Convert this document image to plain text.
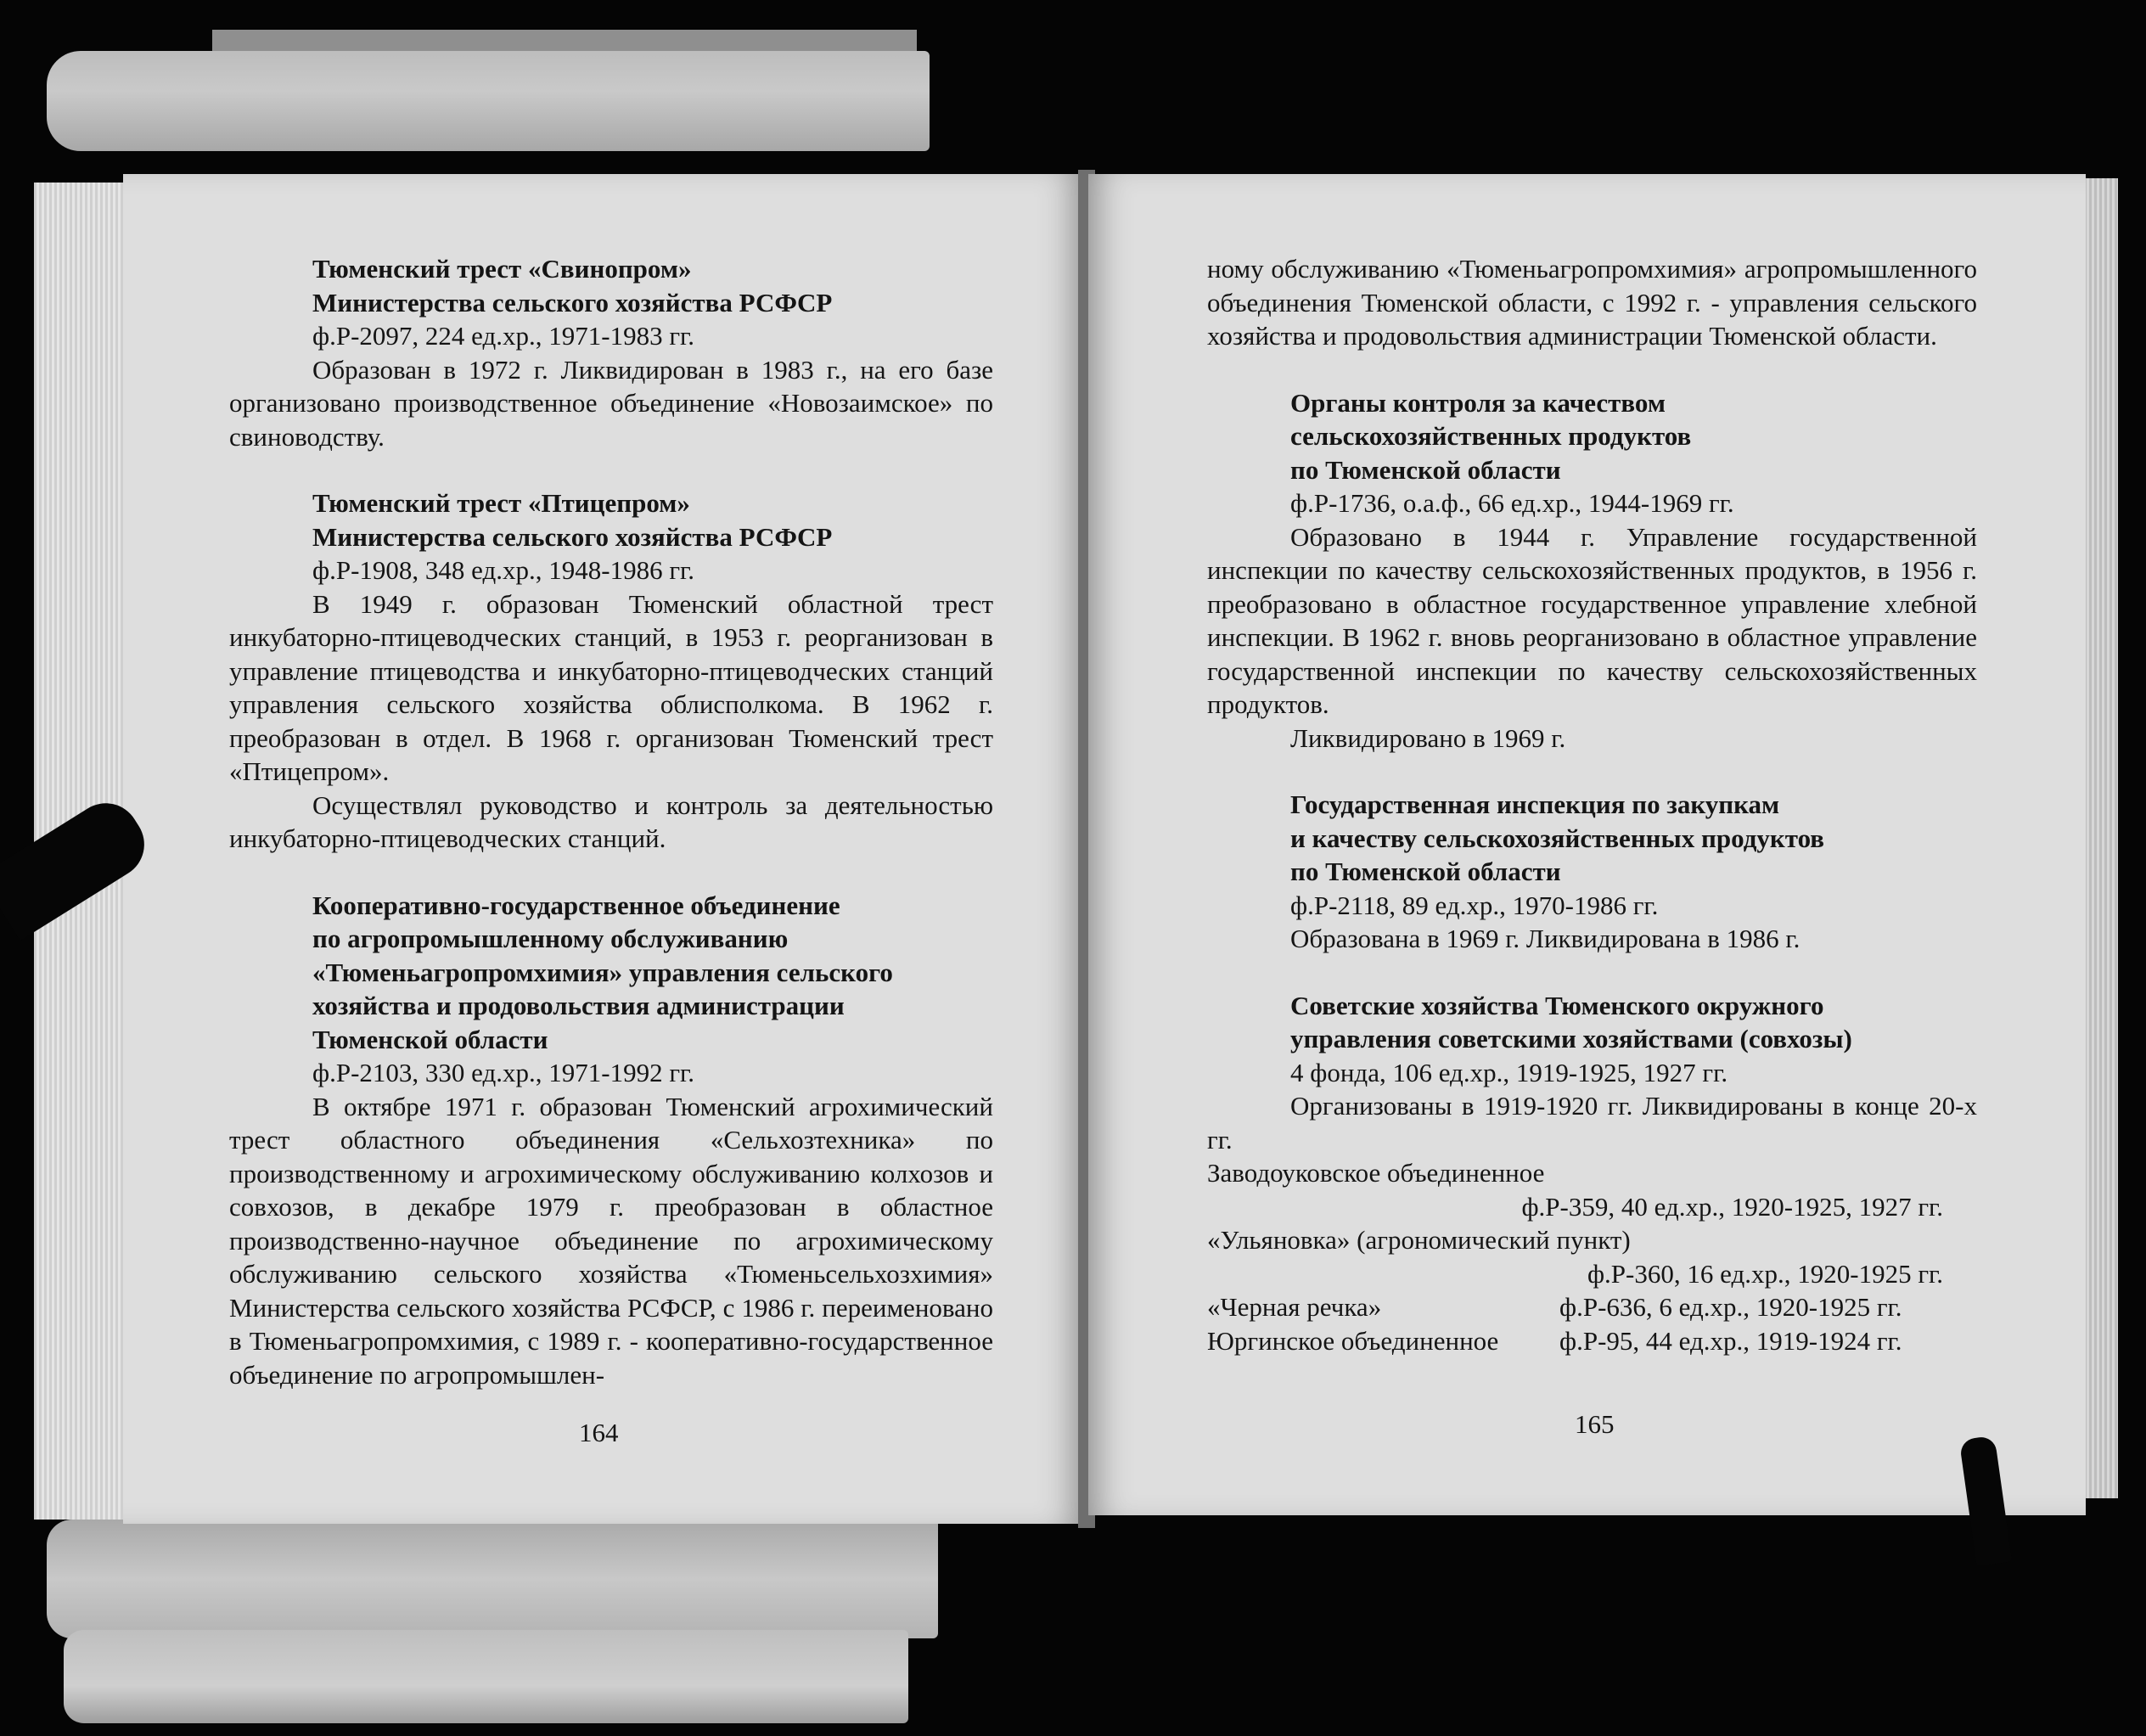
Тюменский трест «Свинопром»
Министерства сельского хозяйства РСФСР
ф.Р-2097, 224 ед.хр., 1971-1983 гг.
Образован в 1972 г. Ликвидирован в 1983 г., на его базе организовано производственное объединение «Новозаимское» по свиноводству.
Тюменский трест «Птицепром»
Министерства сельского хозяйства РСФСР
ф.Р-1908, 348 ед.хр., 1948-1986 гг.
В 1949 г. образован Тюменский областной трест инкубаторно-птицеводческих станций, в 1953 г. реорганизован в управление птицеводства и инкубаторно-птицеводческих станций управления сельского хозяйства облисполкома. В 1962 г. преобразован в отдел. В 1968 г. организован Тюменский трест «Птицепром».
Осуществлял руководство и контроль за деятельностью инкубаторно-птицеводческих станций.
Кооперативно-государственное объединение
по агропромышленному обслуживанию
«Тюменьагропромхимия» управления сельского
хозяйства и продовольствия администрации
Тюменской области
ф.Р-2103, 330 ед.хр., 1971-1992 гг.
В октябре 1971 г. образован Тюменский агрохимический трест областного объединения «Сельхозтехника» по производственному и агрохимическому обслуживанию колхозов и совхозов, в декабре 1979 г. преобразован в областное производственно-научное объединение по агрохимическому обслуживанию сельского хозяйства «Тюменьсельхозхимия» Министерства сельского хозяйства РСФСР, с 1986 г. переименовано в Тюменьагропромхимия, с 1989 г. - кооперативно-государственное объединение по агропромышлен-
164
ному обслуживанию «Тюменьагропромхимия» агропромышленного объединения Тюменской области, с 1992 г. - управления сельского хозяйства и продовольствия администрации Тюменской области.
Органы контроля за качеством
сельскохозяйственных продуктов
по Тюменской области
ф.Р-1736, о.а.ф., 66 ед.хр., 1944-1969 гг.
Образовано в 1944 г. Управление государственной инспекции по качеству сельскохозяйственных продуктов, в 1956 г. преобразовано в областное государственное управление хлебной инспекции. В 1962 г. вновь реорганизовано в областное управление государственной инспекции по качеству сельскохозяйственных продуктов.
Ликвидировано в 1969 г.
Государственная инспекция по закупкам
и качеству сельскохозяйственных продуктов
по Тюменской области
ф.Р-2118, 89 ед.хр., 1970-1986 гг.
Образована в 1969 г. Ликвидирована в 1986 г.
Советские хозяйства Тюменского окружного
управления советскими хозяйствами (совхозы)
4 фонда, 106 ед.хр., 1919-1925, 1927 гг.
Организованы в 1919-1920 гг. Ликвидированы в конце 20-х гг.
Заводоуковское объединенное
ф.Р-359, 40 ед.хр., 1920-1925, 1927 гг.
«Ульяновка» (агрономический пункт)
ф.Р-360, 16 ед.хр., 1920-1925 гг.
«Черная речка»	ф.Р-636, 6 ед.хр., 1920-1925 гг.
Юргинское объединенное	ф.Р-95, 44 ед.хр., 1919-1924 гг.
165
